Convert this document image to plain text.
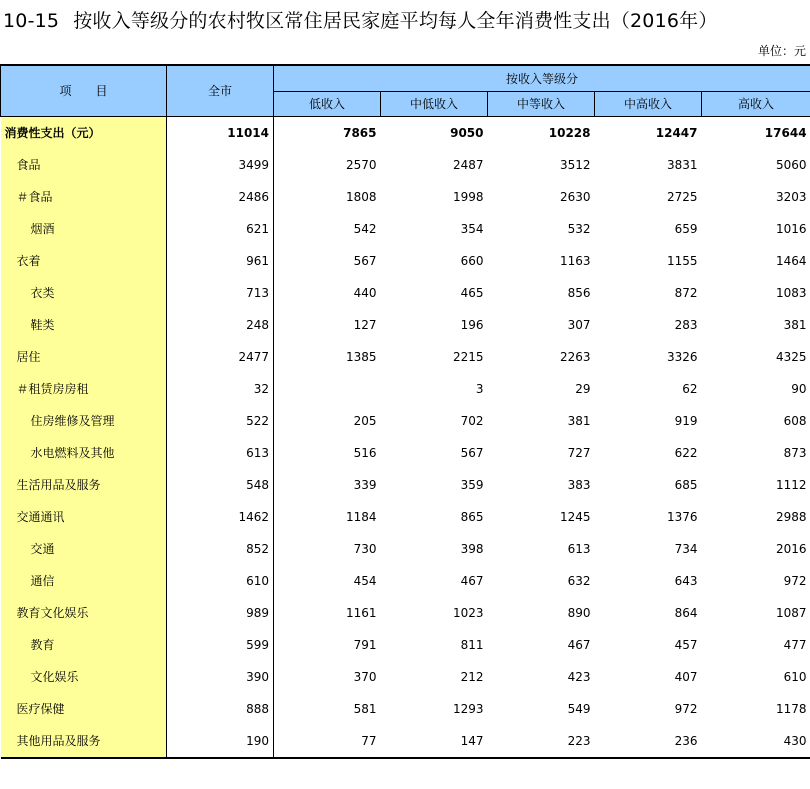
10-15 按收入等级分的农村牧区常住居民家庭平均每人全年消费性支出（2016年）
单位：元
项　　目	全市	按收入等级分				
		低收入	中低收入	中等收入	中高收入	高收入
消费性支出（元）	11014	7865	9050	10228	12447	17644
食品	3499	2570	2487	3512	3831	5060
＃食品	2486	1808	1998	2630	2725	3203
烟酒	621	542	354	532	659	1016
衣着	961	567	660	1163	1155	1464
衣类	713	440	465	856	872	1083
鞋类	248	127	196	307	283	381
居住	2477	1385	2215	2263	3326	4325
＃租赁房房租	32		3	29	62	90
住房维修及管理	522	205	702	381	919	608
水电燃料及其他	613	516	567	727	622	873
生活用品及服务	548	339	359	383	685	1112
交通通讯	1462	1184	865	1245	1376	2988
交通	852	730	398	613	734	2016
通信	610	454	467	632	643	972
教育文化娱乐	989	1161	1023	890	864	1087
教育	599	791	811	467	457	477
文化娱乐	390	370	212	423	407	610
医疗保健	888	581	1293	549	972	1178
其他用品及服务	190	77	147	223	236	430
